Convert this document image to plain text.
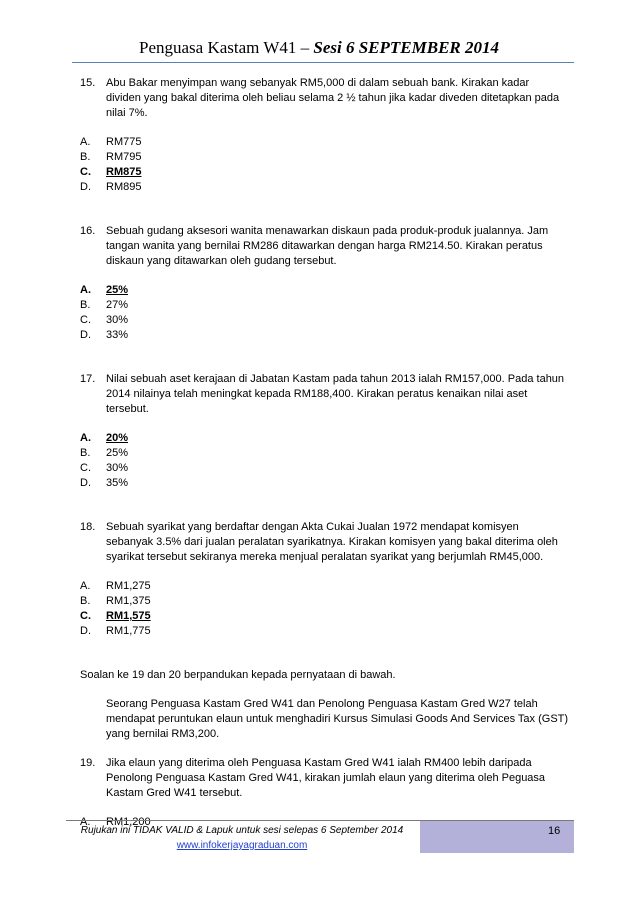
Penguasa Kastam W41 – Sesi 6 SEPTEMBER 2014
15. Abu Bakar menyimpan wang sebanyak RM5,000 di dalam sebuah bank. Kirakan kadar
dividen yang bakal diterima oleh beliau selama 2 ½ tahun jika kadar diveden ditetapkan pada
nilai 7%.
A.	RM775
B.	RM795
C.	RM875
D.	RM895
16. Sebuah gudang aksesori wanita menawarkan diskaun pada produk-produk jualannya. Jam
tangan wanita yang bernilai RM286 ditawarkan dengan harga RM214.50. Kirakan peratus
diskaun yang ditawarkan oleh gudang tersebut.
A.	25%
B.	27%
C.	30%
D.	33%
17. Nilai sebuah aset kerajaan di Jabatan Kastam pada tahun 2013 ialah RM157,000. Pada tahun
2014 nilainya telah meningkat kepada RM188,400. Kirakan peratus kenaikan nilai aset
tersebut.
A.	20%
B.	25%
C.	30%
D.	35%
18. Sebuah syarikat yang berdaftar dengan Akta Cukai Jualan 1972 mendapat komisyen
sebanyak 3.5% dari jualan peralatan syarikatnya. Kirakan komisyen yang bakal diterima oleh
syarikat tersebut sekiranya mereka menjual peralatan syarikat yang berjumlah RM45,000.
A.	RM1,275
B.	RM1,375
C.	RM1,575
D.	RM1,775
Soalan ke 19 dan 20 berpandukan kepada pernyataan di bawah.
Seorang Penguasa Kastam Gred W41 dan Penolong Penguasa Kastam Gred W27 telah
mendapat peruntukan elaun untuk menghadiri Kursus Simulasi Goods And Services Tax (GST)
yang bernilai RM3,200.
19. Jika elaun yang diterima oleh Penguasa Kastam Gred W41 ialah RM400 lebih daripada
Penolong Penguasa Kastam Gred W41, kirakan jumlah elaun yang diterima oleh Peguasa
Kastam Gred W41 tersebut.
A.	RM1,200
Rujukan ini TIDAK VALID & Lapuk untuk sesi selepas 6 September 2014
www.infokerjayagraduan.com
16
